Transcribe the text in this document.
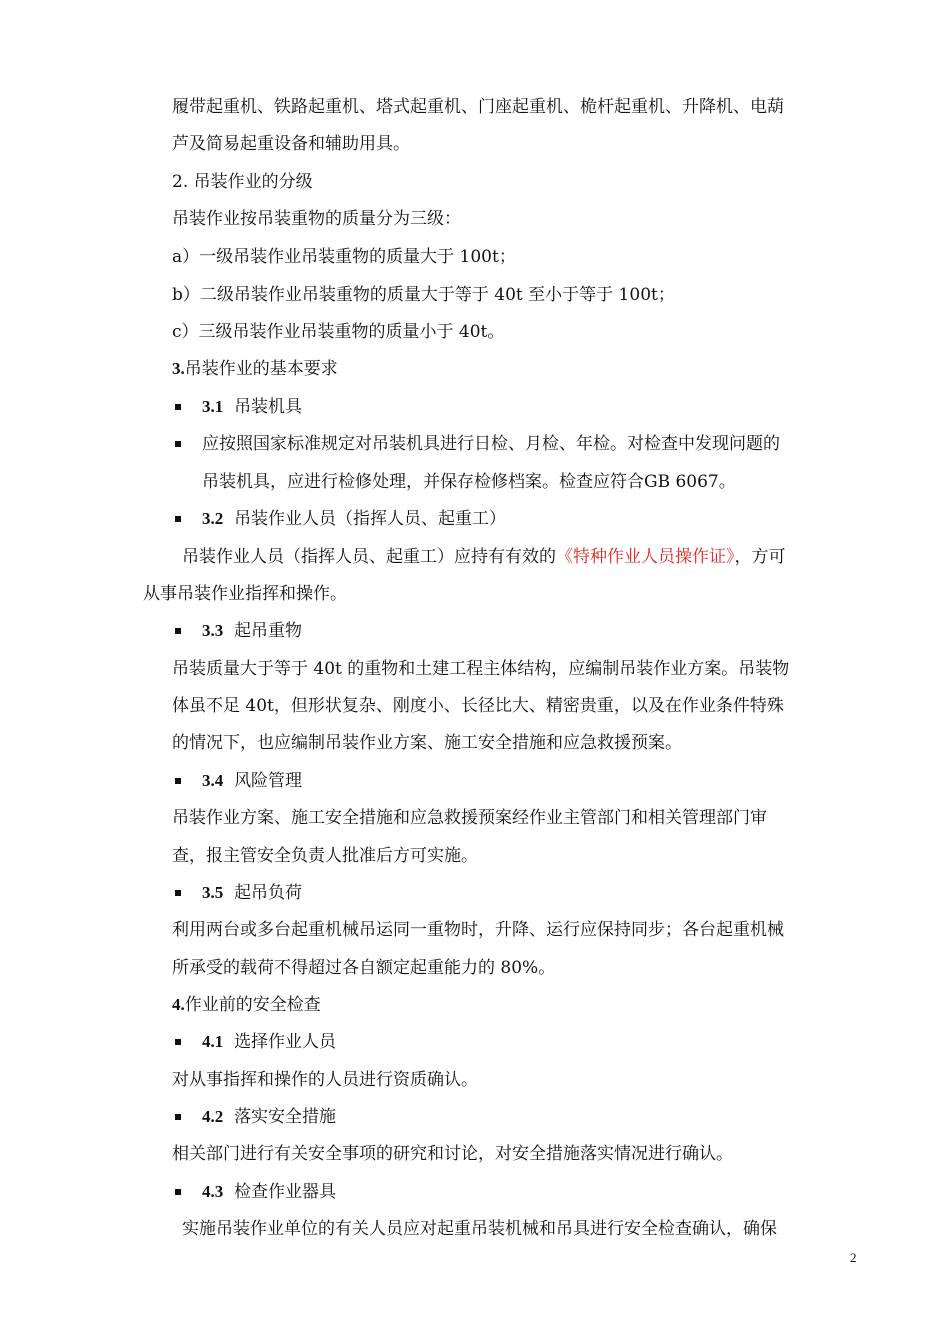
履带起重机、铁路起重机、塔式起重机、门座起重机、桅杆起重机、升降机、电葫
芦及简易起重设备和辅助用具。
2. 吊装作业的分级
吊装作业按吊装重物的质量分为三级：
a）一级吊装作业吊装重物的质量大于 100t；
b）二级吊装作业吊装重物的质量大于等于 40t 至小于等于 100t；
c）三级吊装作业吊装重物的质量小于 40t。
3.吊装作业的基本要求
3.1 吊装机具
应按照国家标准规定对吊装机具进行日检、月检、年检。对检查中发现问题的
吊装机具，应进行检修处理，并保存检修档案。检查应符合GB 6067。
3.2 吊装作业人员（指挥人员、起重工）
吊装作业人员（指挥人员、起重工）应持有有效的《特种作业人员操作证》，方可
从事吊装作业指挥和操作。
3.3 起吊重物
吊装质量大于等于 40t 的重物和土建工程主体结构，应编制吊装作业方案。吊装物
体虽不足 40t，但形状复杂、刚度小、长径比大、精密贵重，以及在作业条件特殊
的情况下，也应编制吊装作业方案、施工安全措施和应急救援预案。
3.4 风险管理
吊装作业方案、施工安全措施和应急救援预案经作业主管部门和相关管理部门审
查，报主管安全负责人批准后方可实施。
3.5 起吊负荷
利用两台或多台起重机械吊运同一重物时，升降、运行应保持同步；各台起重机械
所承受的载荷不得超过各自额定起重能力的 80%。
4.作业前的安全检查
4.1 选择作业人员
对从事指挥和操作的人员进行资质确认。
4.2 落实安全措施
相关部门进行有关安全事项的研究和讨论，对安全措施落实情况进行确认。
4.3 检查作业器具
实施吊装作业单位的有关人员应对起重吊装机械和吊具进行安全检查确认，确保
2
